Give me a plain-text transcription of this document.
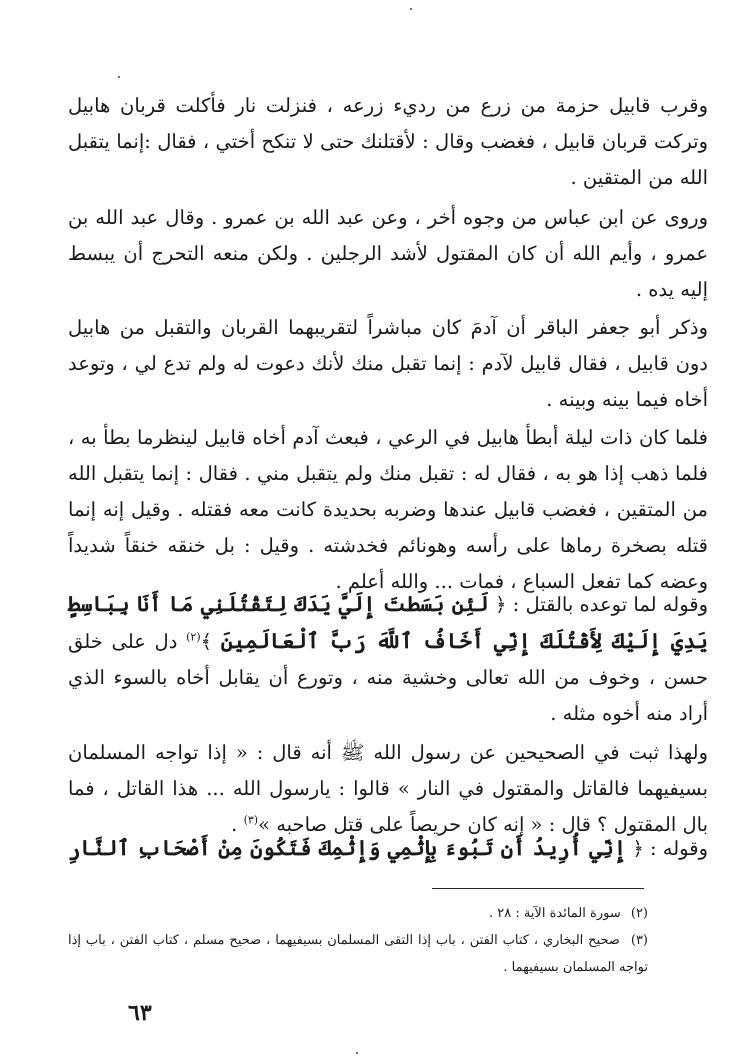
وقرب قابيل حزمة من زرع من رديء زرعه ، فنزلت نار فأكلت قربان هابيل وتركت قربان قابيل ، فغضب وقال : لأقتلنك حتى لا تنكح أختي ، فقال :إنما يتقبل الله من المتقين .

وروى عن ابن عباس من وجوه أخر ، وعن عبد الله بن عمرو . وقال عبد الله بن عمرو ، وأيم الله أن كان المقتول لأشد الرجلين . ولكن منعه التحرج أن يبسط إليه يده .

وذكر أبو جعفر الباقر أن آدمَ كان مباشراً لتقريبهما القربان والتقبل من هابيل دون قابيل ، فقال قابيل لآدم : إنما تقبل منك لأنك دعوت له ولم تدع لي ، وتوعد أخاه فيما بينه وبينه .

فلما كان ذات ليلة أبطأ هابيل في الرعي ، فبعث آدم أخاه قابيل لينظرما بطأ به ، فلما ذهب إذا هو به ، فقال له : تقبل منك ولم يتقبل مني . فقال : إنما يتقبل الله من المتقين ، فغضب قابيل عندها وضربه بحديدة كانت معه فقتله . وقيل إنه إنما قتله بصخرة رماها على رأسه وهونائم فخدشته . وقيل : بل خنقه خنقاً شديداً وعضه كما تفعل السباع ، فمات ... والله أعلم .

وقوله لما توعده بالقتل : ﴿ لَئِن بَسَطتَ إِلَيَّ يَدَكَ لِتَقْتُلَنِي مَا أَنَا بِبَاسِطٍ يَدِيَ إِلَيْكَ لِأَقْتُلَكَ إِنِّي أَخَافُ ٱللَّهَ رَبَّ ٱلْعَالَمِينَ ﴾$^{(٢)}$ دل على خلق حسن ، وخوف من الله تعالى وخشية منه ، وتورع أن يقابل أخاه بالسوء الذي أراد منه أخوه مثله .

ولهذا ثبت في الصحيحين عن رسول الله ﷺ أنه قال : « إذا تواجه المسلمان بسيفيهما فالقاتل والمقتول في النار » قالوا : يارسول الله ... هذا القاتل ، فما بال المقتول ؟ قال : « إنه كان حريصاً على قتل صاحبه »$^{(٣)}$ .

وقوله : ﴿ إِنِّي أُرِيدُ أَن تَبُوءَ بِإِثْمِي وَإِثْمِكَ فَتَكُونَ مِنْ أَصْحَابِ ٱلنَّارِ

(٢) سورة المائدة الآية : ٢٨ .
(٣) صحيح البخاري ، كتاب الفتن ، باب إذا التقى المسلمان بسيفيهما ، صحيح مسلم ، كتاب الفتن ، باب إذا تواجه المسلمان بسيفيهما .
٦٣
